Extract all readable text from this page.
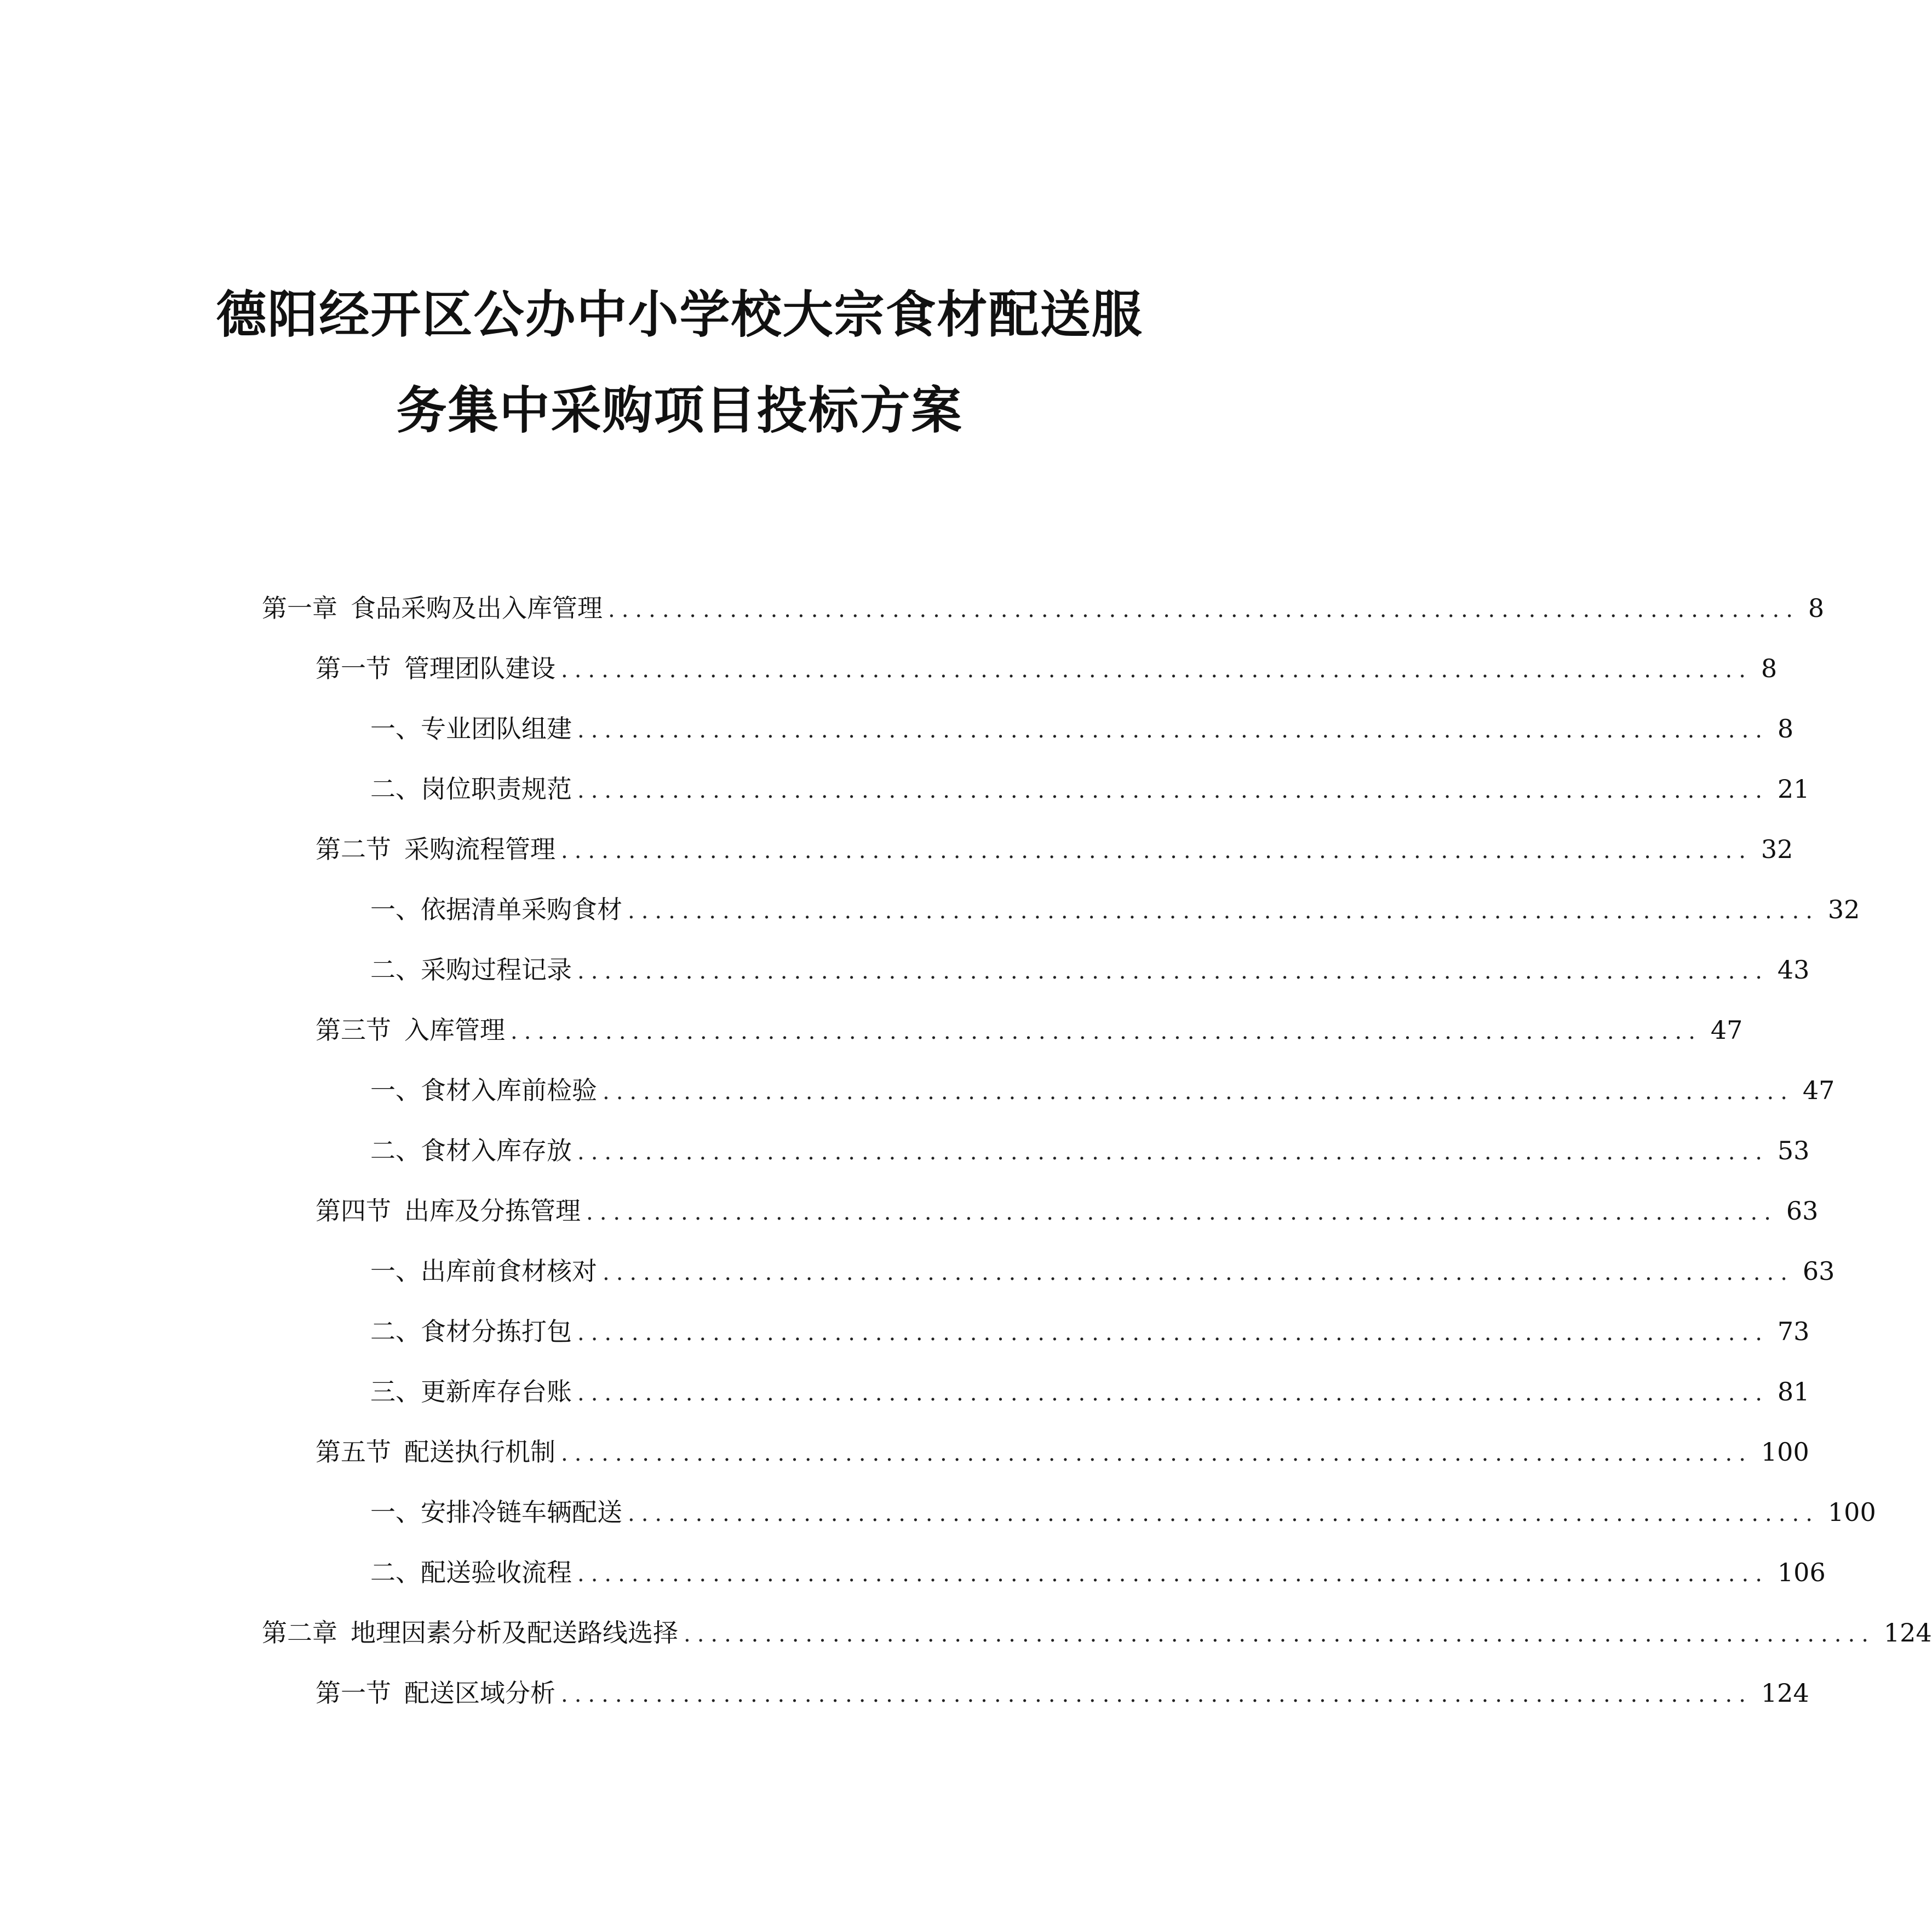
德阳经开区公办中小学校大宗食材配送服
务集中采购项目投标方案
第一章 食品采购及出入库管理 ........................................................................................ 8
第一节 管理团队建设 ........................................................................................ 8
一、 专业团队组建 ........................................................................................ 8
二、 岗位职责规范 ........................................................................................ 21
第二节 采购流程管理 ........................................................................................ 32
一、 依据清单采购食材 ........................................................................................ 32
二、 采购过程记录 ........................................................................................ 43
第三节 入库管理 ........................................................................................ 47
一、 食材入库前检验 ........................................................................................ 47
二、 食材入库存放 ........................................................................................ 53
第四节 出库及分拣管理 ........................................................................................ 63
一、 出库前食材核对 ........................................................................................ 63
二、 食材分拣打包 ........................................................................................ 73
三、 更新库存台账 ........................................................................................ 81
第五节 配送执行机制 ........................................................................................ 100
一、 安排冷链车辆配送 ........................................................................................ 100
二、 配送验收流程 ........................................................................................ 106
第二章 地理因素分析及配送路线选择 ........................................................................................ 124
第一节 配送区域分析 ........................................................................................ 124
